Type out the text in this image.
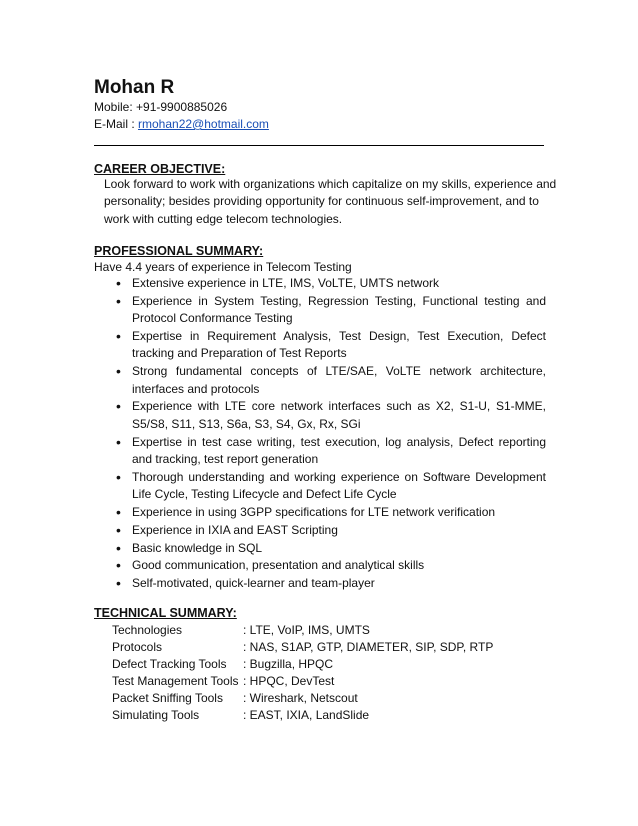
Mohan R
Mobile: +91-9900885026
E-Mail : rmohan22@hotmail.com
CAREER OBJECTIVE:
Look forward to work with organizations which capitalize on my skills, experience and
personality; besides providing opportunity for continuous self-improvement, and to
work with cutting edge telecom technologies.
PROFESSIONAL SUMMARY:
Have 4.4 years of experience in Telecom Testing
• Extensive experience in LTE, IMS, VoLTE, UMTS network
• Experience in System Testing, Regression Testing, Functional testing and Protocol Conformance Testing
• Expertise in Requirement Analysis, Test Design, Test Execution, Defect tracking and Preparation of Test Reports
• Strong fundamental concepts of LTE/SAE, VoLTE network architecture, interfaces and protocols
• Experience with LTE core network interfaces such as X2, S1-U, S1-MME, S5/S8, S11, S13, S6a, S3, S4, Gx, Rx, SGi
• Expertise in test case writing, test execution, log analysis, Defect reporting and tracking, test report generation
• Thorough understanding and working experience on Software Development Life Cycle, Testing Lifecycle and Defect Life Cycle
• Experience in using 3GPP specifications for LTE network verification
• Experience in IXIA and EAST Scripting
• Basic knowledge in SQL
• Good communication, presentation and analytical skills
• Self-motivated, quick-learner and team-player
TECHNICAL SUMMARY:
Technologies	: LTE, VoIP, IMS, UMTS
Protocols	: NAS, S1AP, GTP, DIAMETER, SIP, SDP, RTP
Defect Tracking Tools : Bugzilla, HPQC
Test Management Tools : HPQC, DevTest
Packet Sniffing Tools : Wireshark, Netscout
Simulating Tools	: EAST, IXIA, LandSlide
